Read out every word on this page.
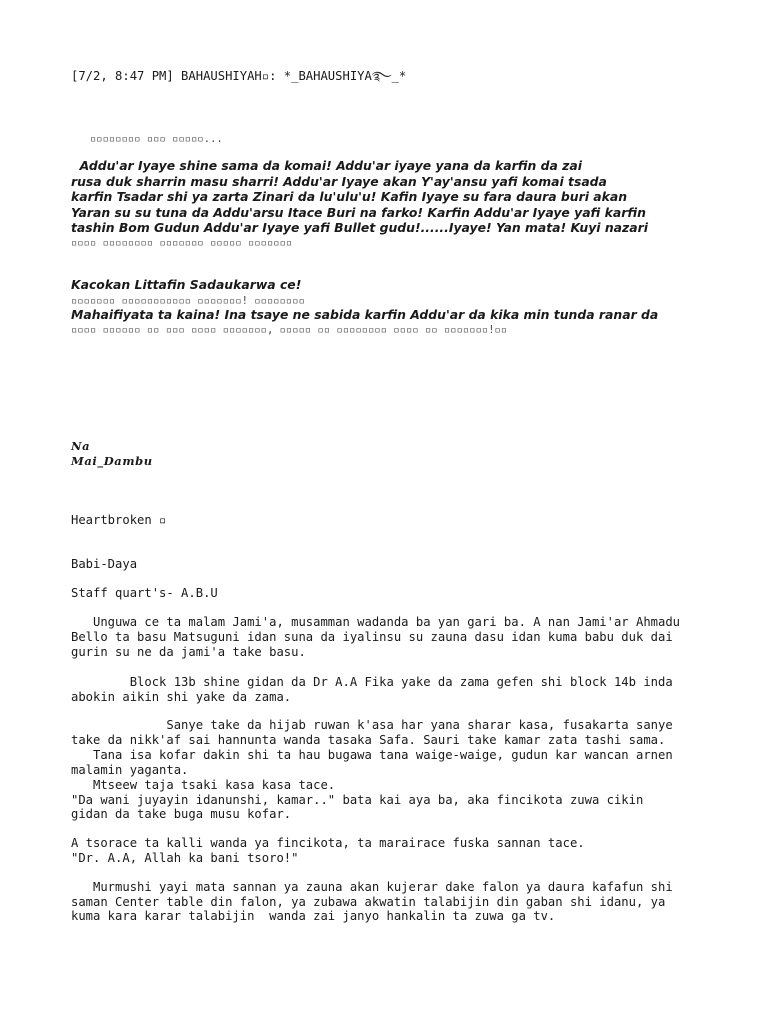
[7/2, 8:47 PM] BAHAUSHIYAH▫: *_BAHAUSHIYA࿐_*
▫▫▫▫▫▫▫▫ ▫▫▫ ▫▫▫▫▫...
Addu'ar Iyaye shine sama da komai! Addu'ar iyaye yana da karfin da zai
rusa duk sharrin masu sharri! Addu'ar Iyaye akan Y'ay'ansu yafi komai tsada
karfin Tsadar shi ya zarta Zinari da lu'ulu'u! Kafin Iyaye su fara daura buri akan
Yaran su su tuna da Addu'arsu Itace Buri na farko! Karfin Addu'ar Iyaye yafi karfin
tashin Bom Gudun Addu'ar Iyaye yafi Bullet gudu!......Iyaye! Yan mata! Kuyi nazari
▫▫▫▫ ▫▫▫▫▫▫▫▫ ▫▫▫▫▫▫▫ ▫▫▫▫▫ ▫▫▫▫▫▫▫
Kacokan Littafin Sadaukarwa ce!
▫▫▫▫▫▫▫ ▫▫▫▫▫▫▫▫▫▫▫ ▫▫▫▫▫▫▫! ▫▫▫▫▫▫▫▫
Mahaifiyata ta kaina! Ina tsaye ne sabida karfin Addu'ar da kika min tunda ranar da
▫▫▫▫ ▫▫▫▫▫▫ ▫▫ ▫▫▫ ▫▫▫▫ ▫▫▫▫▫▫▫, ▫▫▫▫▫ ▫▫ ▫▫▫▫▫▫▫▫ ▫▫▫▫ ▫▫ ▫▫▫▫▫▫▫!▫▫
Na
Mai_Dambu
Heartbroken ▫
Babi-Daya
Staff quart's- A.B.U
Unguwa ce ta malam Jami'a, musamman wadanda ba yan gari ba. A nan Jami'ar Ahmadu
Bello ta basu Matsuguni idan suna da iyalinsu su zauna dasu idan kuma babu duk dai
gurin su ne da jami'a take basu.
Block 13b shine gidan da Dr A.A Fika yake da zama gefen shi block 14b inda
abokin aikin shi yake da zama.
Sanye take da hijab ruwan k'asa har yana sharar kasa, fusakarta sanye
take da nikk'af sai hannunta wanda tasaka Safa. Sauri take kamar zata tashi sama.
Tana isa kofar dakin shi ta hau bugawa tana waige-waige, gudun kar wancan arnen
malamin yaganta.
Mtseew taja tsaki kasa kasa tace.
"Da wani juyayin idanunshi, kamar.." bata kai aya ba, aka fincikota zuwa cikin
gidan da take buga musu kofar.
A tsorace ta kalli wanda ya fincikota, ta marairace fuska sannan tace.
"Dr. A.A, Allah ka bani tsoro!"
Murmushi yayi mata sannan ya zauna akan kujerar dake falon ya daura kafafun shi
saman Center table din falon, ya zubawa akwatin talabijin din gaban shi idanu, ya
kuma kara karar talabijin  wanda zai janyo hankalin ta zuwa ga tv.
